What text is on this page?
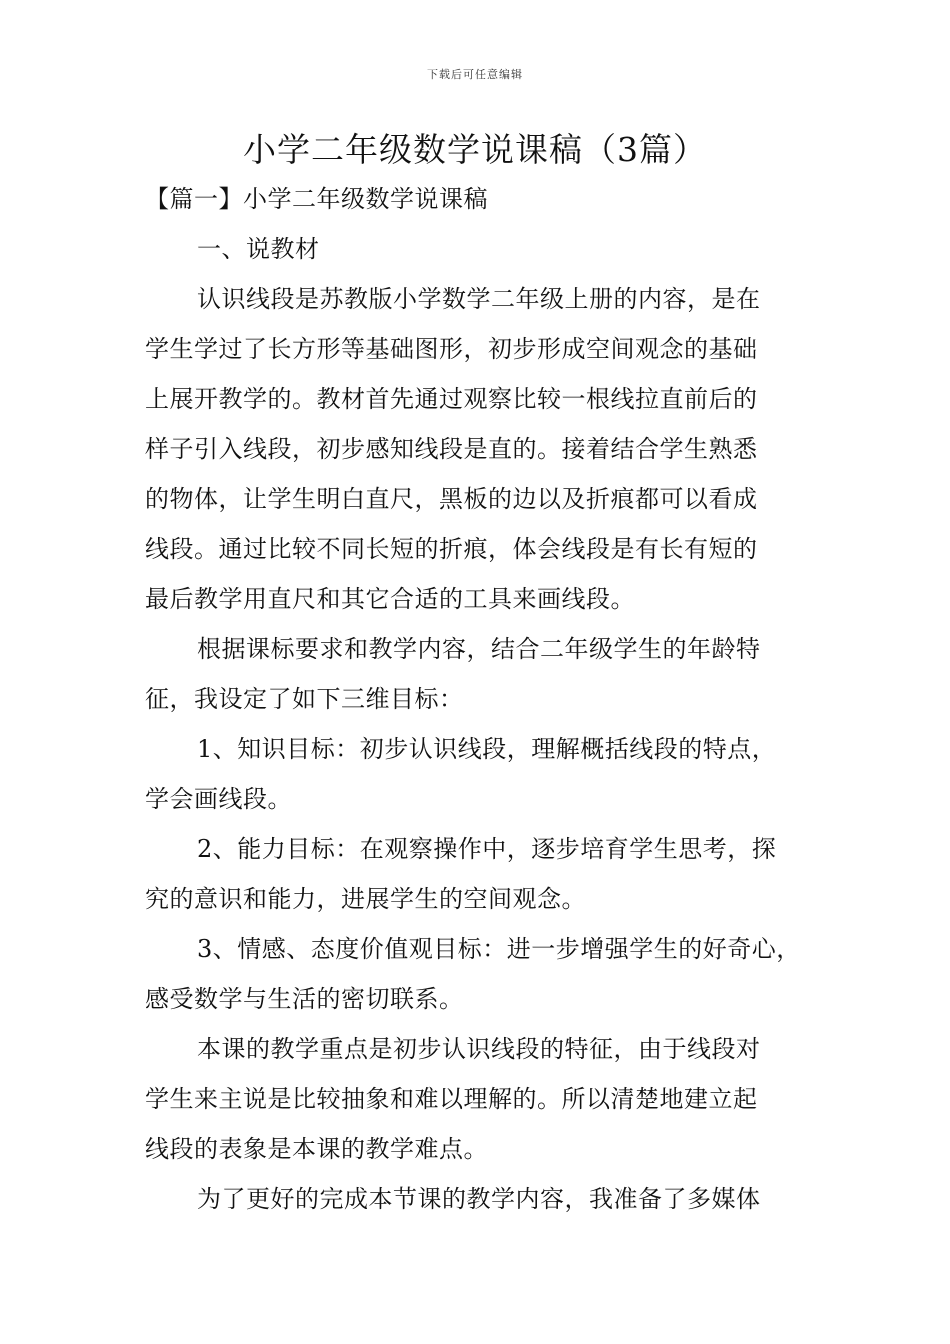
下载后可任意编辑
小学二年级数学说课稿（3篇）
【篇一】小学二年级数学说课稿
一、说教材
认识线段是苏教版小学数学二年级上册的内容，是在
学生学过了长方形等基础图形，初步形成空间观念的基础
上展开教学的。教材首先通过观察比较一根线拉直前后的
样子引入线段，初步感知线段是直的。接着结合学生熟悉
的物体，让学生明白直尺，黑板的边以及折痕都可以看成
线段。通过比较不同长短的折痕，体会线段是有长有短的
最后教学用直尺和其它合适的工具来画线段。
根据课标要求和教学内容，结合二年级学生的年龄特
征，我设定了如下三维目标：
1、知识目标：初步认识线段，理解概括线段的特点，
学会画线段。
2、能力目标：在观察操作中，逐步培育学生思考，探
究的意识和能力，进展学生的空间观念。
3、情感、态度价值观目标：进一步增强学生的好奇心，
感受数学与生活的密切联系。
本课的教学重点是初步认识线段的特征，由于线段对
学生来主说是比较抽象和难以理解的。所以清楚地建立起
线段的表象是本课的教学难点。
为了更好的完成本节课的教学内容，我准备了多媒体
